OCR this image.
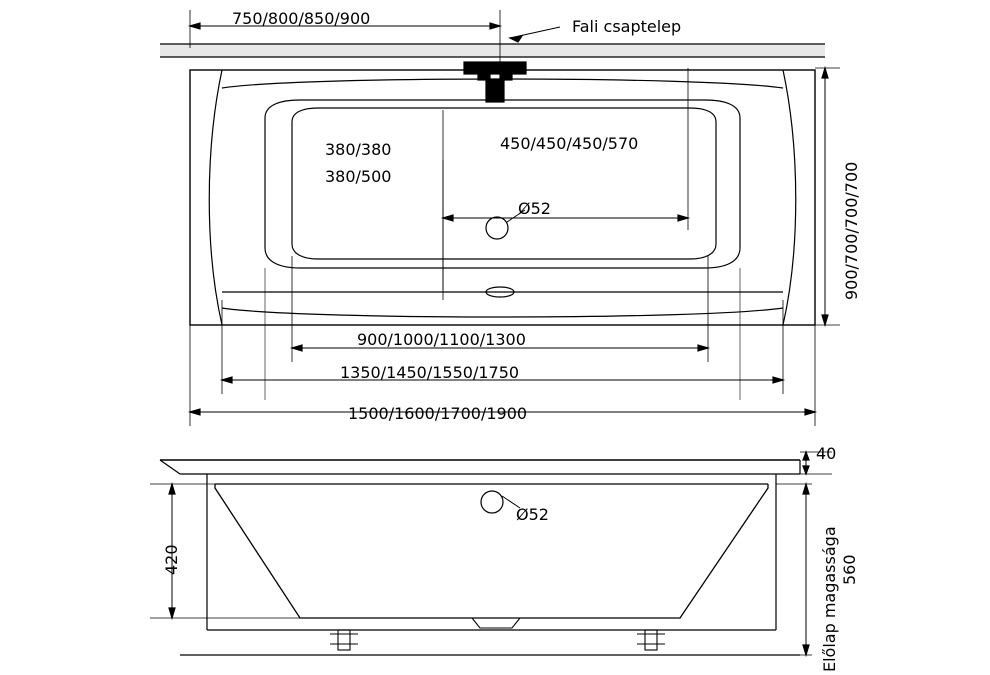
750/800/850/900	Fali csaptelep
380/380
380/500
450/450/450/570
Ø52	900/700/700/700
900/1000/1100/1300
1350/1450/1550/1750
1500/1600/1700/1900
40
420	560
Előlap magassága
Ø52
